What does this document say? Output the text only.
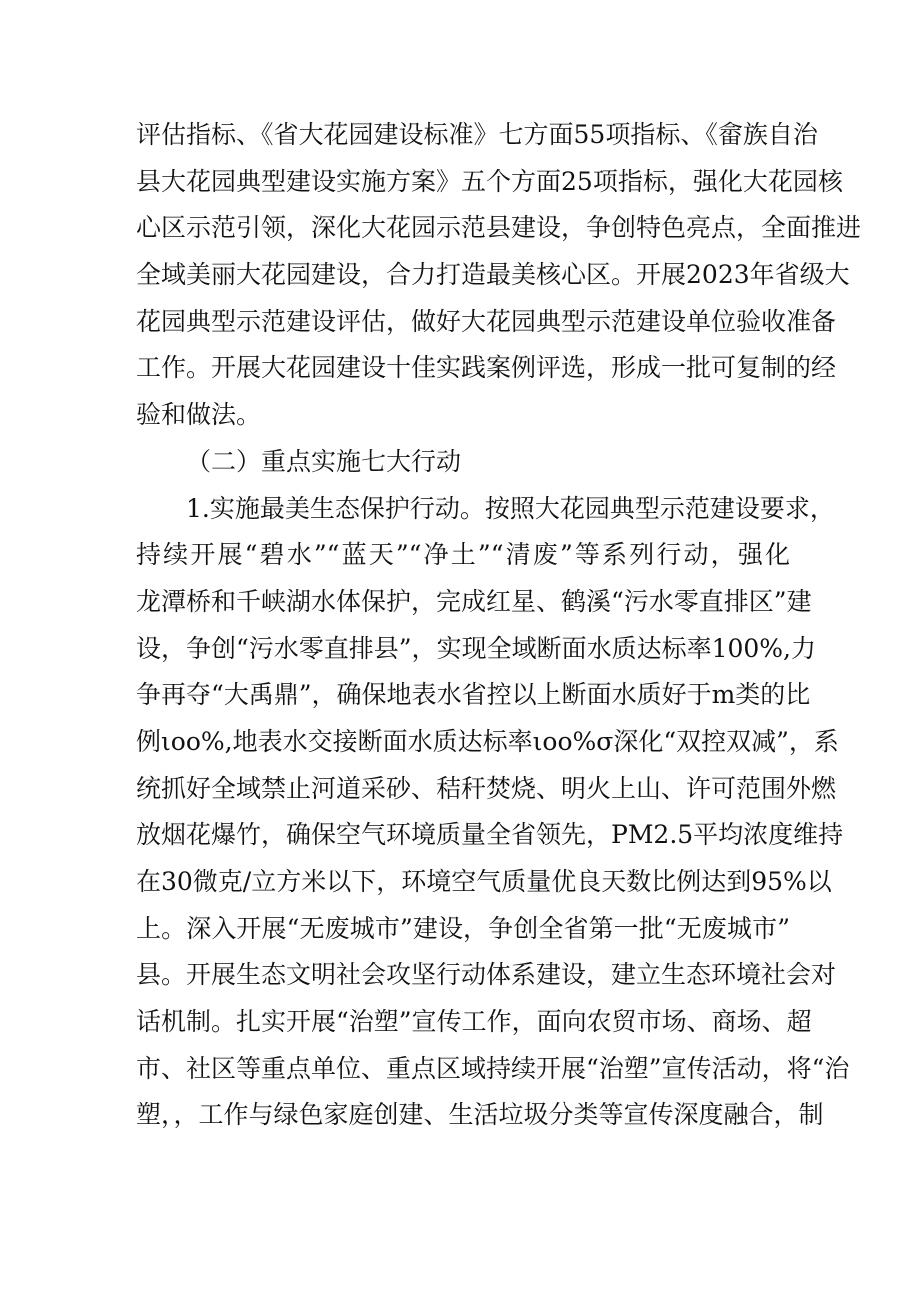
评估指标、《省大花园建设标准》七方面55项指标、《畲族自治
县大花园典型建设实施方案》五个方面25项指标，强化大花园核
心区示范引领，深化大花园示范县建设，争创特色亮点，全面推进
全域美丽大花园建设，合力打造最美核心区。开展2023年省级大
花园典型示范建设评估，做好大花园典型示范建设单位验收准备
工作。开展大花园建设十佳实践案例评选，形成一批可复制的经
验和做法。
（二）重点实施七大行动
1.实施最美生态保护行动。按照大花园典型示范建设要求，
持续开展“碧水”“蓝天”“净土”“清废”等系列行动，强化
龙潭桥和千峡湖水体保护，完成红星、鹤溪“污水零直排区”建
设，争创“污水零直排县”，实现全域断面水质达标率100%,力
争再夺“大禹鼎”，确保地表水省控以上断面水质好于m类的比
例ιoo%,地表水交接断面水质达标率ιoo%σ深化“双控双减”，系
统抓好全域禁止河道采砂、秸秆焚烧、明火上山、许可范围外燃
放烟花爆竹，确保空气环境质量全省领先，PM2.5平均浓度维持
在30微克/立方米以下，环境空气质量优良天数比例达到95%以
上。深入开展“无废城市”建设，争创全省第一批“无废城市”
县。开展生态文明社会攻坚行动体系建设，建立生态环境社会对
话机制。扎实开展“治塑”宣传工作，面向农贸市场、商场、超
市、社区等重点单位、重点区域持续开展“治塑”宣传活动，将“治
塑，，工作与绿色家庭创建、生活垃圾分类等宣传深度融合，制
